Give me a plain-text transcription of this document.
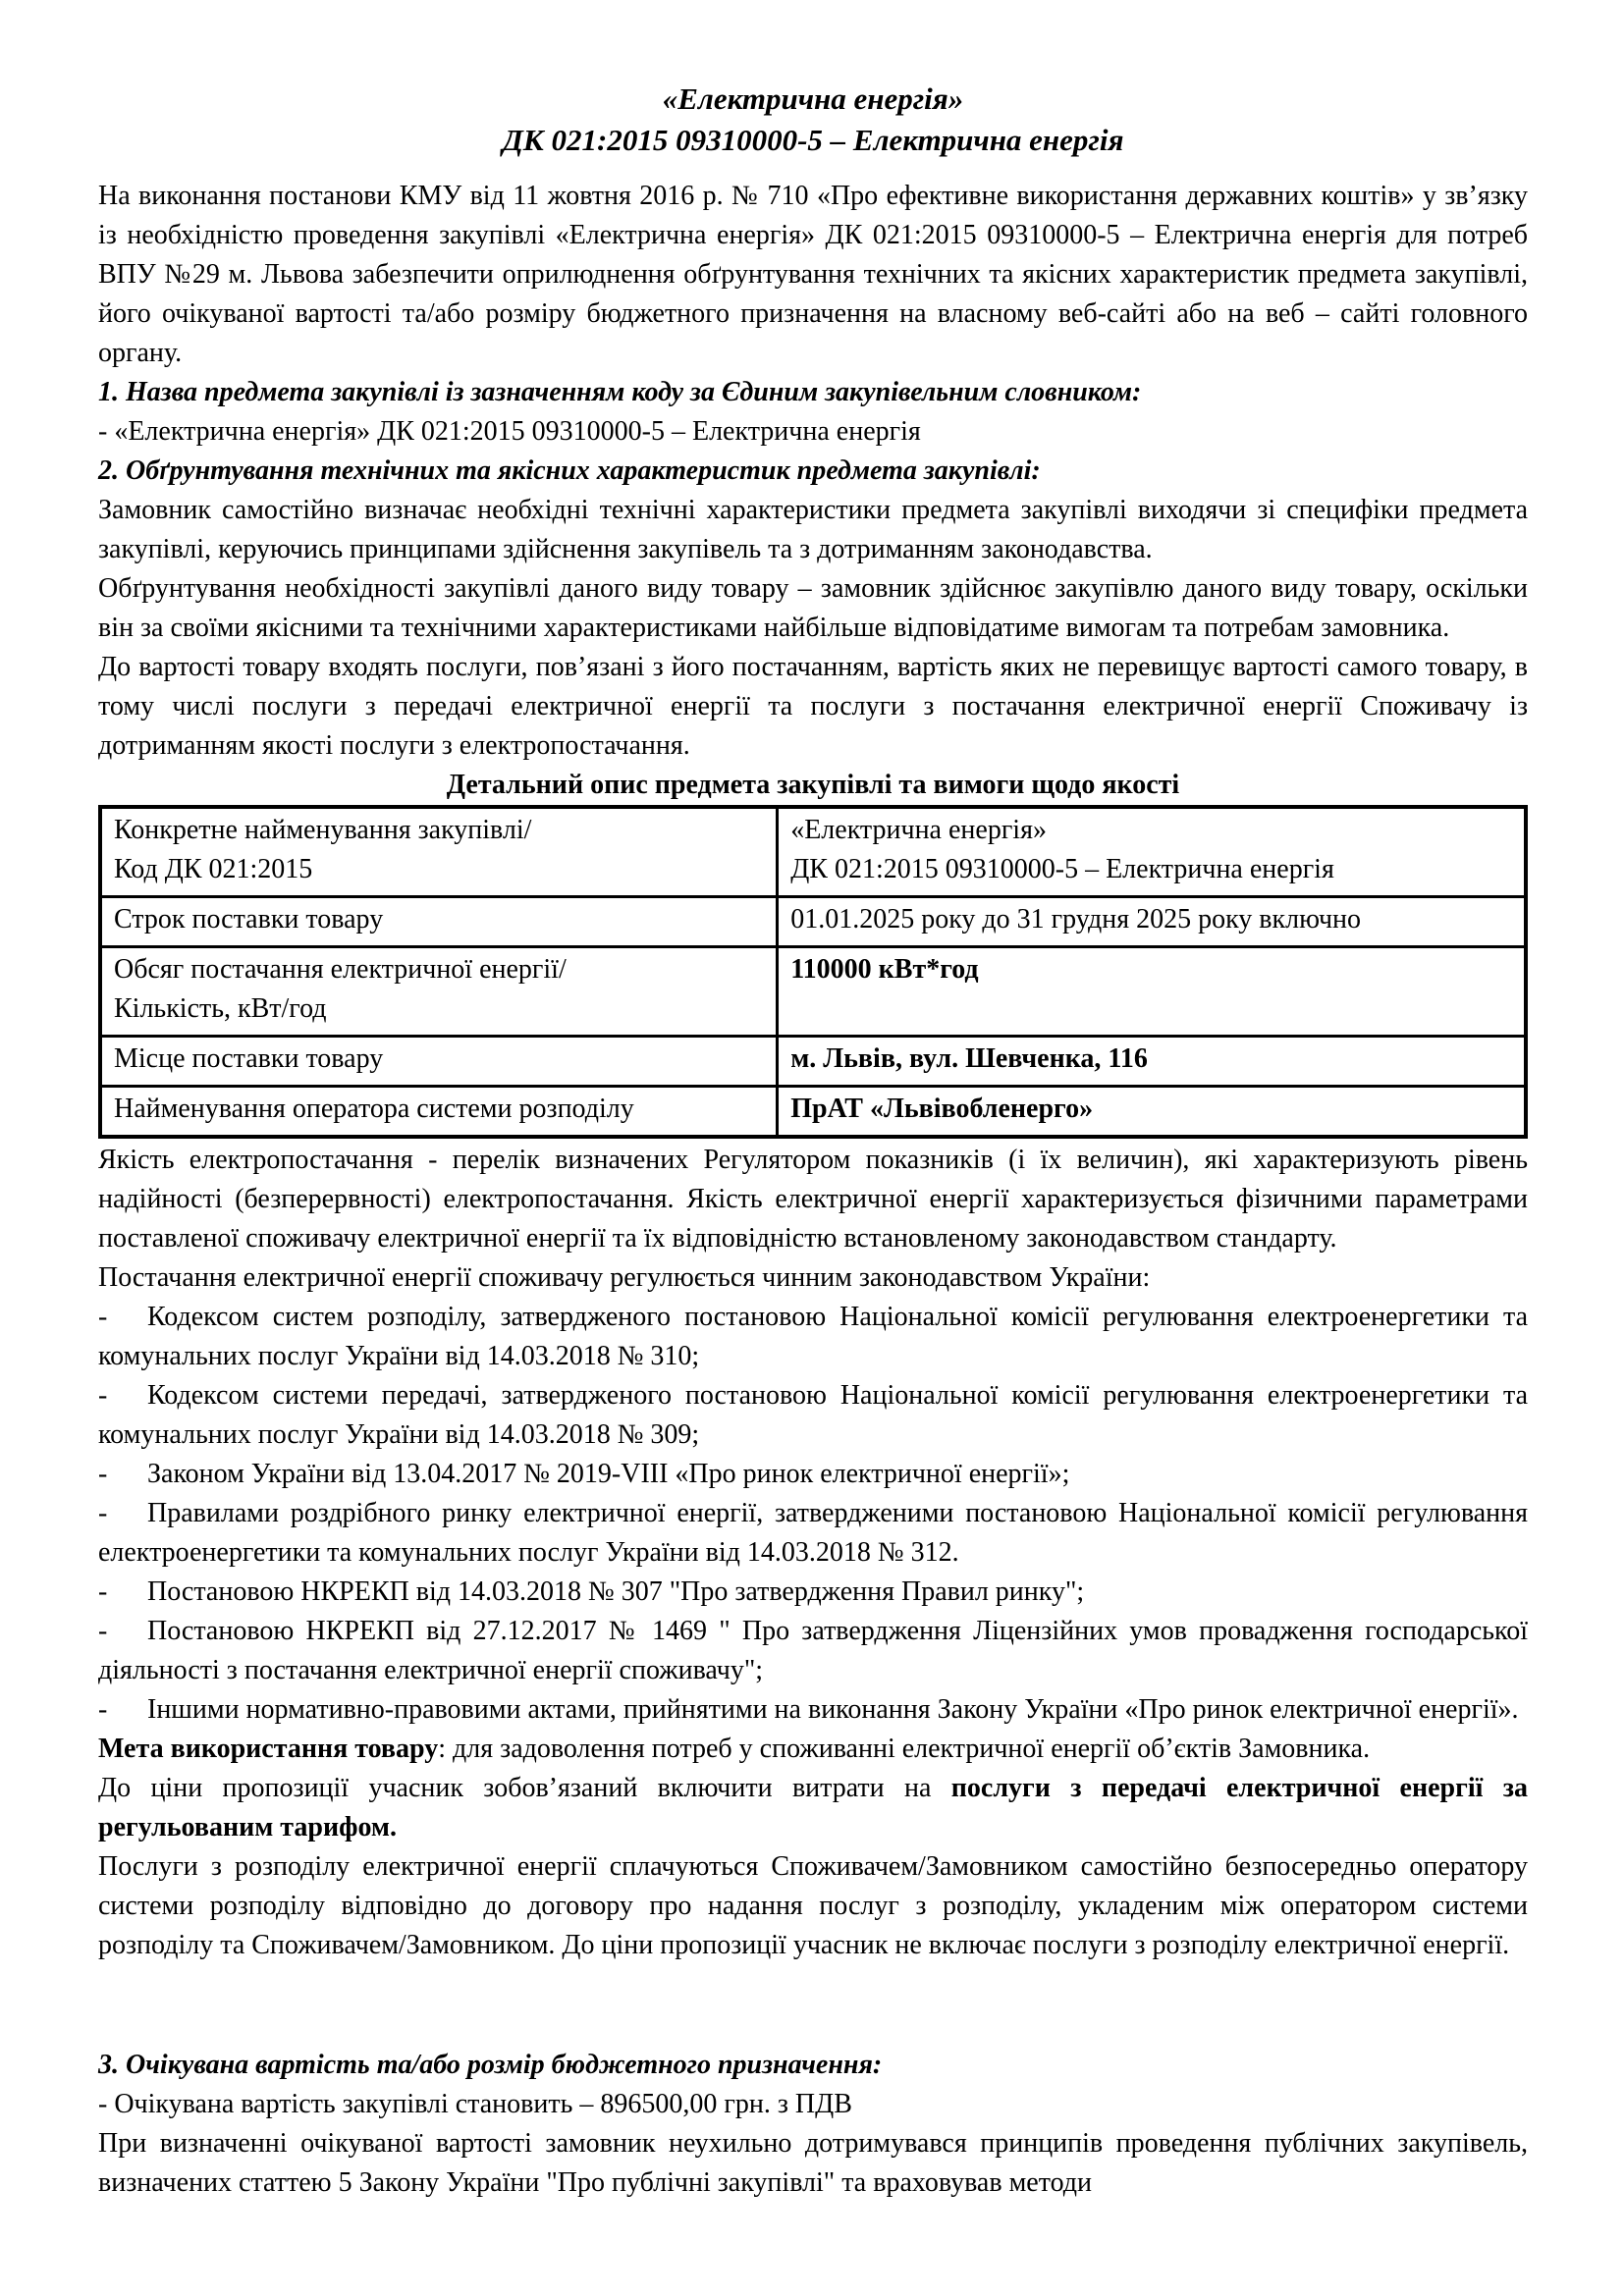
«Електрична енергія»
ДК 021:2015 09310000-5 – Електрична енергія

На виконання постанови КМУ від 11 жовтня 2016 р. № 710 «Про ефективне використання державних коштів» у зв’язку із необхідністю проведення закупівлі «Електрична енергія» ДК 021:2015 09310000-5 – Електрична енергія для потреб ВПУ №29 м. Львова забезпечити оприлюднення обґрунтування технічних та якісних характеристик предмета закупівлі, його очікуваної вартості та/або розміру бюджетного призначення на власному веб-сайті або на веб – сайті головного органу.

1. Назва предмета закупівлі із зазначенням коду за Єдиним закупівельним словником:

- «Електрична енергія» ДК 021:2015 09310000-5 – Електрична енергія

2. Обґрунтування технічних та якісних характеристик предмета закупівлі:

Замовник самостійно визначає необхідні технічні характеристики предмета закупівлі виходячи зі специфіки предмета закупівлі, керуючись принципами здійснення закупівель та з дотриманням законодавства.

Обґрунтування необхідності закупівлі даного виду товару – замовник здійснює закупівлю даного виду товару, оскільки він за своїми якісними та технічними характеристиками найбільше відповідатиме вимогам та потребам замовника.

До вартості товару входять послуги, пов’язані з його постачанням, вартість яких не перевищує вартості самого товару, в тому числі послуги з передачі електричної енергії та послуги з постачання електричної енергії Споживачу із дотриманням якості послуги з електропостачання.

Детальний опис предмета закупівлі та вимоги щодо якості

Конкретне найменування закупівлі/
Код ДК 021:2015	«Електрична енергія»
ДК 021:2015 09310000-5 – Електрична енергія

Строк поставки товару	01.01.2025 року до 31 грудня 2025 року включно

Обсяг постачання електричної енергії/
Кількість, кВт/год	110000 кВт*год

Місце поставки товару	м. Львів, вул. Шевченка, 116

Найменування оператора системи розподілу	ПрАТ «Львівобленерго»

Якість електропостачання - перелік визначених Регулятором показників (і їх величин), які характеризують рівень надійності (безперервності) електропостачання. Якість електричної енергії характеризується фізичними параметрами поставленої споживачу електричної енергії та їх відповідністю встановленому законодавством стандарту.

Постачання електричної енергії споживачу регулюється чинним законодавством України:

- Кодексом систем розподілу, затвердженого постановою Національної комісії регулювання електроенергетики та комунальних послуг України від 14.03.2018 № 310;
- Кодексом системи передачі, затвердженого постановою Національної комісії регулювання електроенергетики та комунальних послуг України від 14.03.2018 № 309;
- Законом України від 13.04.2017 № 2019-VIII «Про ринок електричної енергії»;
- Правилами роздрібного ринку електричної енергії, затвердженими постановою Національної комісії регулювання електроенергетики та комунальних послуг України від 14.03.2018 № 312.
- Постановою НКРЕКП від 14.03.2018 № 307 "Про затвердження Правил ринку";
- Постановою НКРЕКП від 27.12.2017 № 1469 " Про затвердження Ліцензійних умов провадження господарської діяльності з постачання електричної енергії споживачу";
- Іншими нормативно-правовими актами, прийнятими на виконання Закону України «Про ринок електричної енергії».

Мета використання товару: для задоволення потреб у споживанні електричної енергії об’єктів Замовника.

До ціни пропозиції учасник зобов’язаний включити витрати на послуги з передачі електричної енергії за регульованим тарифом.

Послуги з розподілу електричної енергії сплачуються Споживачем/Замовником самостійно безпосередньо оператору системи розподілу відповідно до договору про надання послуг з розподілу, укладеним між оператором системи розподілу та Споживачем/Замовником. До ціни пропозиції учасник не включає послуги з розподілу електричної енергії.

3. Очікувана вартість та/або розмір бюджетного призначення:

- Очікувана вартість закупівлі становить – 896500,00 грн. з ПДВ

При визначенні очікуваної вартості замовник неухильно дотримувався принципів проведення публічних закупівель, визначених статтею 5 Закону України "Про публічні закупівлі" та враховував методи
